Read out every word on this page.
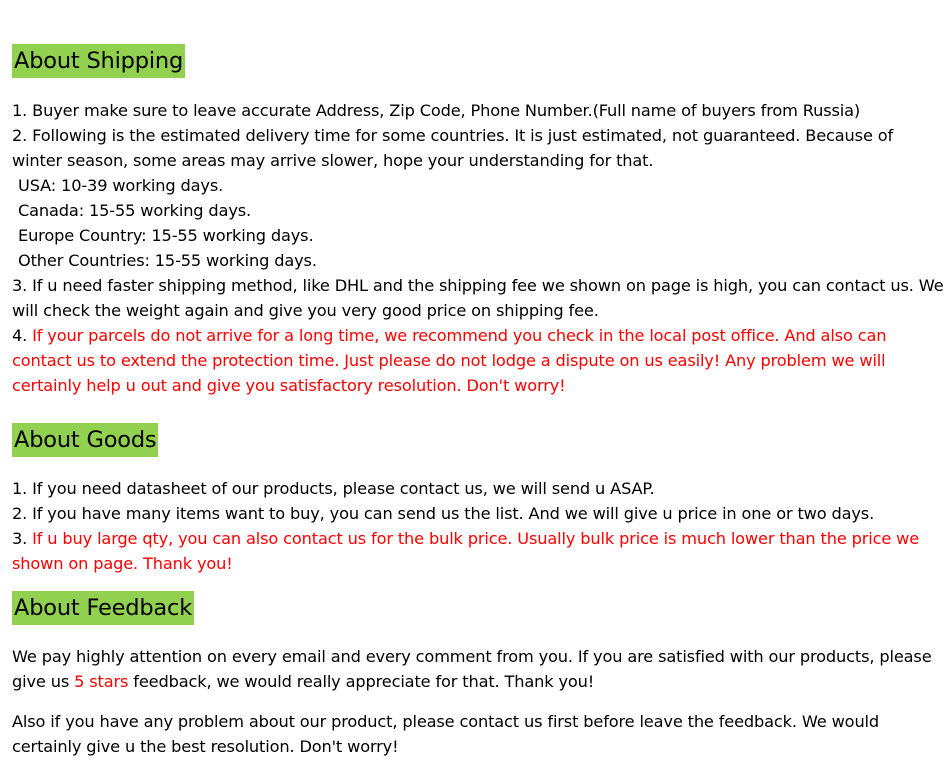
About Shipping

1. Buyer make sure to leave accurate Address, Zip Code, Phone Number.(Full name of buyers from Russia)

2. Following is the estimated delivery time for some countries. It is just estimated, not guaranteed. Because of winter season, some areas may arrive slower, hope your understanding for that.

USA: 10-39 working days.

Canada: 15-55 working days.

Europe Country: 15-55 working days.

Other Countries: 15-55 working days.

3. If u need faster shipping method, like DHL and the shipping fee we shown on page is high, you can contact us. We will check the weight again and give you very good price on shipping fee.

4. If your parcels do not arrive for a long time, we recommend you check in the local post office. And also can contact us to extend the protection time. Just please do not lodge a dispute on us easily! Any problem we will certainly help u out and give you satisfactory resolution. Don't worry!

About Goods

1. If you need datasheet of our products, please contact us, we will send u ASAP.

2. If you have many items want to buy, you can send us the list. And we will give u price in one or two days.

3. If u buy large qty, you can also contact us for the bulk price. Usually bulk price is much lower than the price we shown on page. Thank you!

About Feedback

We pay highly attention on every email and every comment from you. If you are satisfied with our products, please give us 5 stars feedback, we would really appreciate for that. Thank you!

Also if you have any problem about our product, please contact us first before leave the feedback. We would certainly give u the best resolution. Don't worry!
